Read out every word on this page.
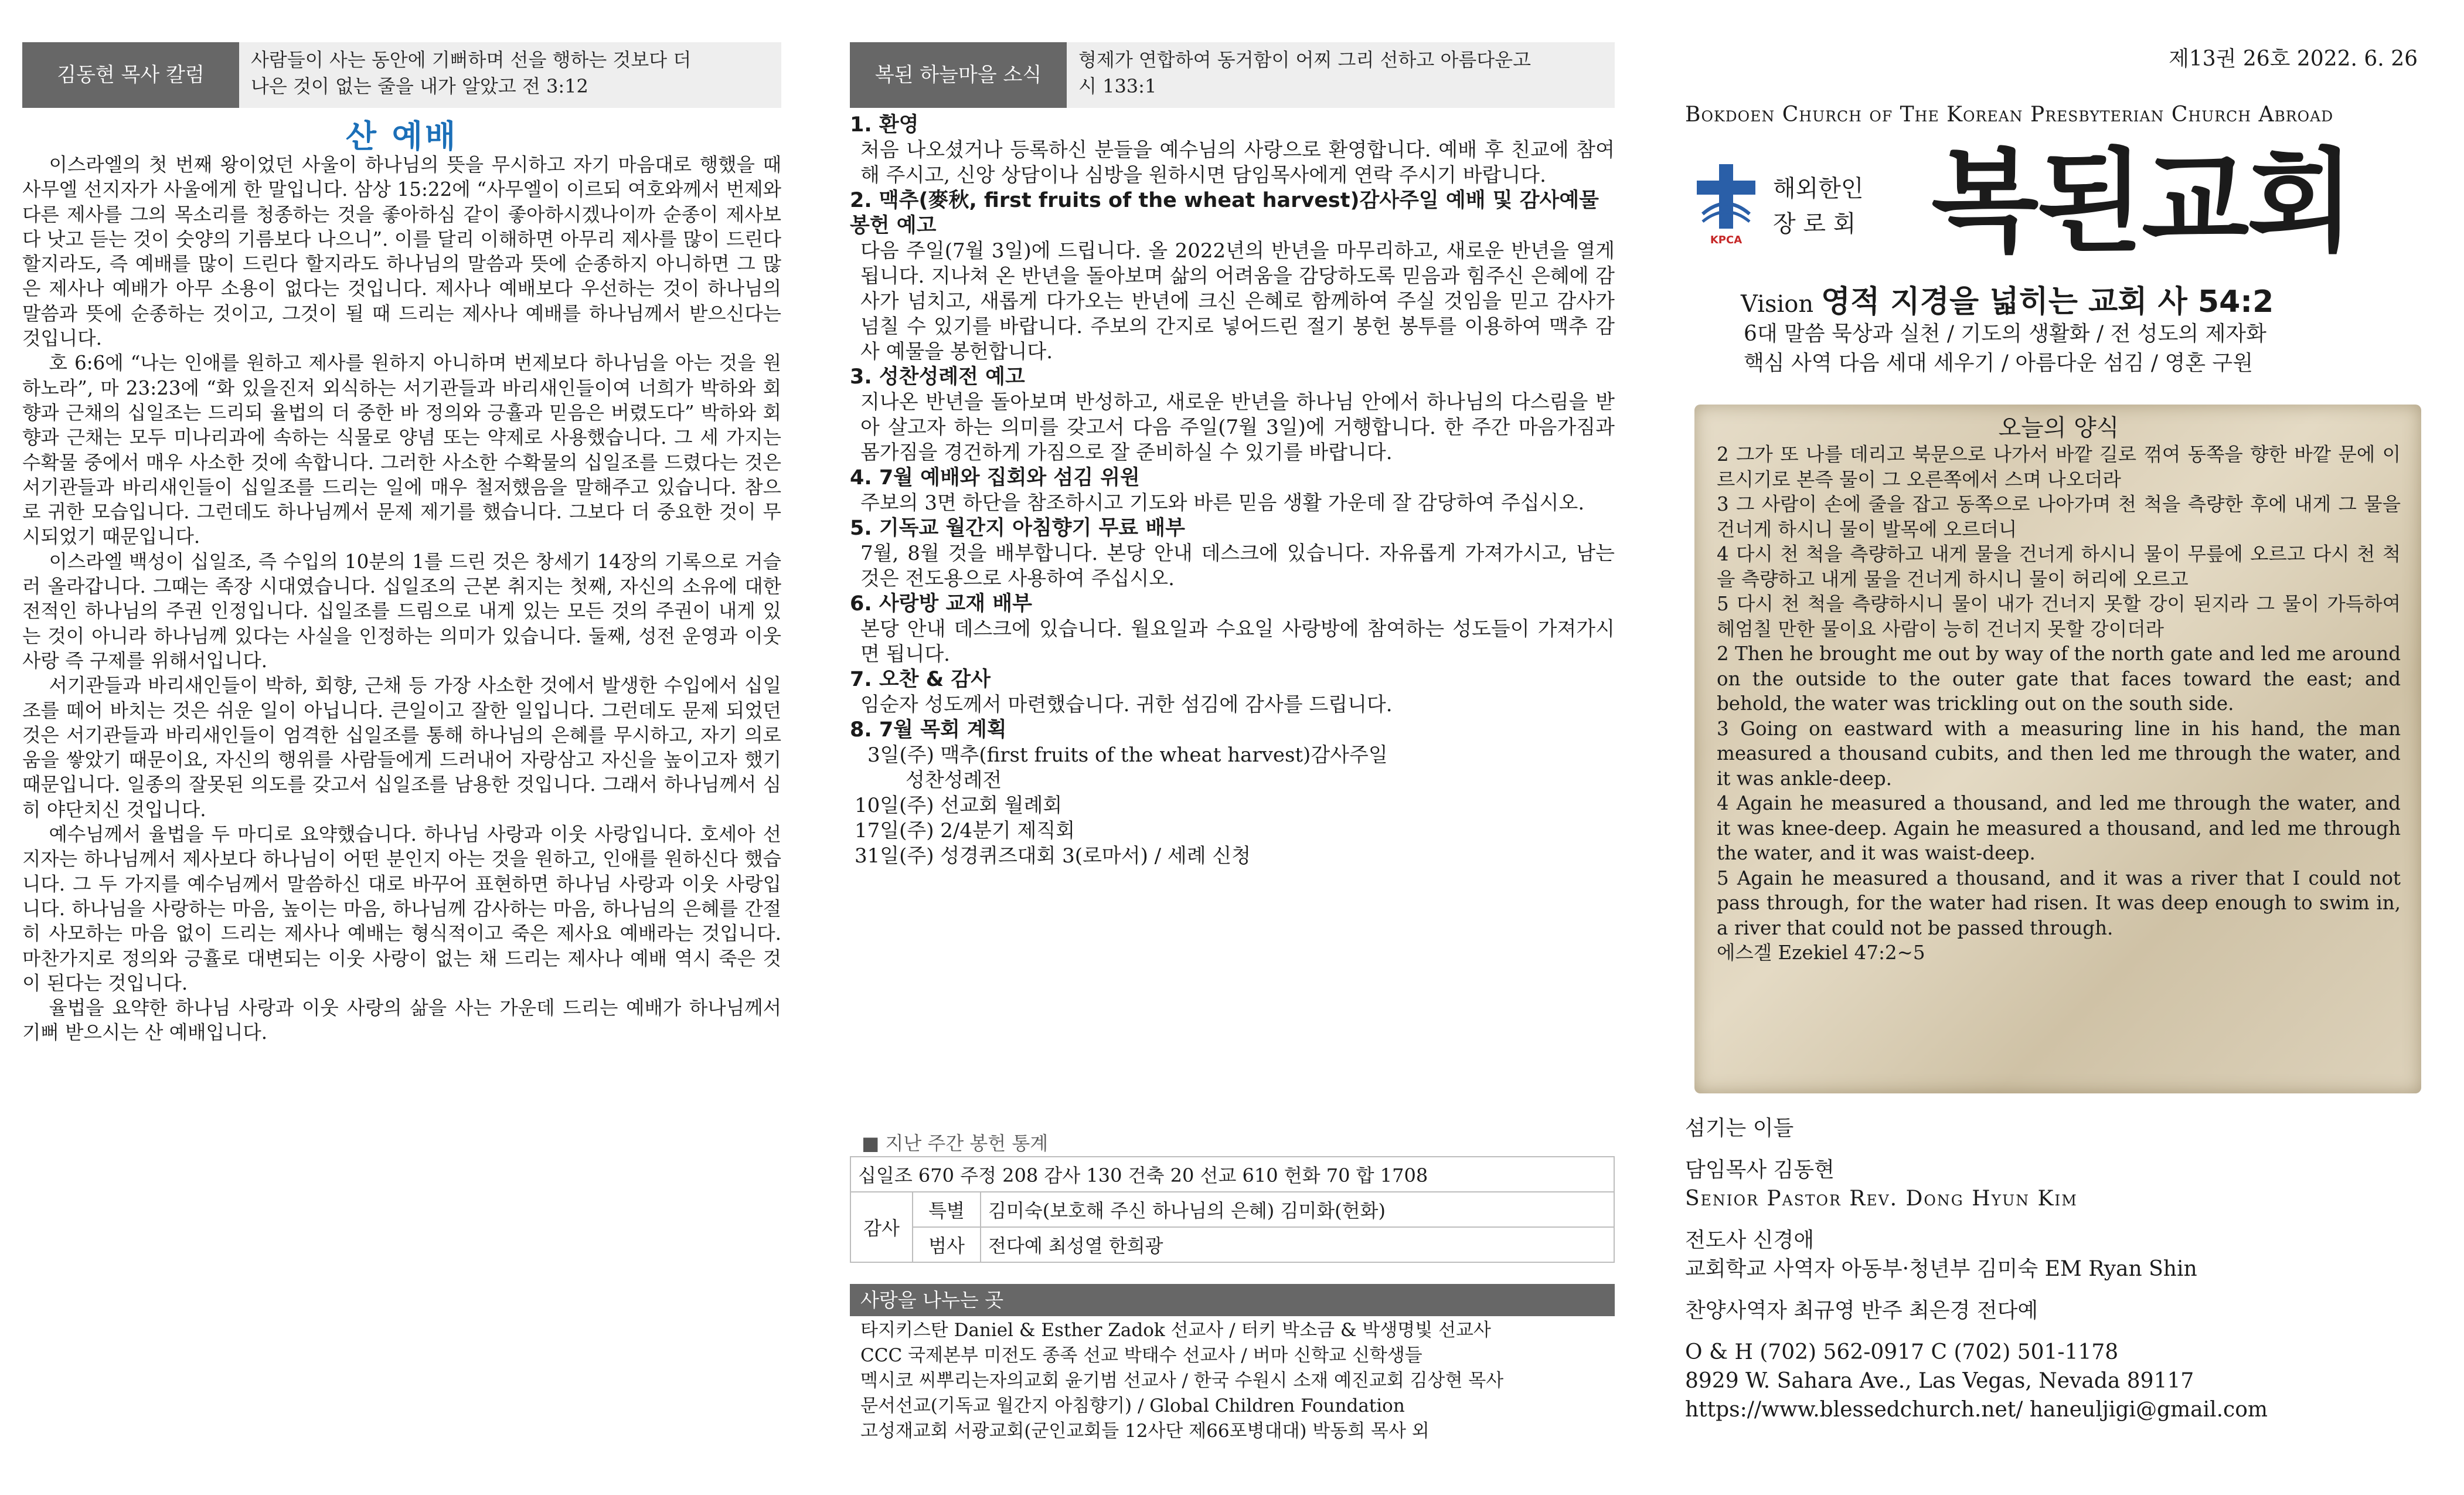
김동현 목사 칼럼
사람들이 사는 동안에 기뻐하며 선을 행하는 것보다 더
나은 것이 없는 줄을 내가 알았고 전 3:12
산 예배

이스라엘의 첫 번째 왕이었던 사울이 하나님의 뜻을 무시하고 자기 마음대로 행했을 때 사무엘 선지자가 사울에게 한 말입니다. 삼상 15:22에 “사무엘이 이르되 여호와께서 번제와 다른 제사를 그의 목소리를 청종하는 것을 좋아하심 같이 좋아하시겠나이까 순종이 제사보다 낫고 듣는 것이 숫양의 기름보다 나으니”. 이를 달리 이해하면 아무리 제사를 많이 드린다 할지라도, 즉 예배를 많이 드린다 할지라도 하나님의 말씀과 뜻에 순종하지 아니하면 그 많은 제사나 예배가 아무 소용이 없다는 것입니다. 제사나 예배보다 우선하는 것이 하나님의 말씀과 뜻에 순종하는 것이고, 그것이 될 때 드리는 제사나 예배를 하나님께서 받으신다는 것입니다.

호 6:6에 “나는 인애를 원하고 제사를 원하지 아니하며 번제보다 하나님을 아는 것을 원하노라”, 마 23:23에 “화 있을진저 외식하는 서기관들과 바리새인들이여 너희가 박하와 회향과 근채의 십일조는 드리되 율법의 더 중한 바 정의와 긍휼과 믿음은 버렸도다” 박하와 회향과 근채는 모두 미나리과에 속하는 식물로 양념 또는 약제로 사용했습니다. 그 세 가지는 수확물 중에서 매우 사소한 것에 속합니다. 그러한 사소한 수확물의 십일조를 드렸다는 것은 서기관들과 바리새인들이 십일조를 드리는 일에 매우 철저했음을 말해주고 있습니다. 참으로 귀한 모습입니다. 그런데도 하나님께서 문제 제기를 했습니다. 그보다 더 중요한 것이 무시되었기 때문입니다.

이스라엘 백성이 십일조, 즉 수입의 10분의 1를 드린 것은 창세기 14장의 기록으로 거슬러 올라갑니다. 그때는 족장 시대였습니다. 십일조의 근본 취지는 첫째, 자신의 소유에 대한 전적인 하나님의 주권 인정입니다. 십일조를 드림으로 내게 있는 모든 것의 주권이 내게 있는 것이 아니라 하나님께 있다는 사실을 인정하는 의미가 있습니다. 둘째, 성전 운영과 이웃 사랑 즉 구제를 위해서입니다.

서기관들과 바리새인들이 박하, 회향, 근채 등 가장 사소한 것에서 발생한 수입에서 십일조를 떼어 바치는 것은 쉬운 일이 아닙니다. 큰일이고 잘한 일입니다. 그런데도 문제 되었던 것은 서기관들과 바리새인들이 엄격한 십일조를 통해 하나님의 은혜를 무시하고, 자기 의로움을 쌓았기 때문이요, 자신의 행위를 사람들에게 드러내어 자랑삼고 자신을 높이고자 했기 때문입니다. 일종의 잘못된 의도를 갖고서 십일조를 남용한 것입니다. 그래서 하나님께서 심히 야단치신 것입니다.

예수님께서 율법을 두 마디로 요약했습니다. 하나님 사랑과 이웃 사랑입니다. 호세아 선지자는 하나님께서 제사보다 하나님이 어떤 분인지 아는 것을 원하고, 인애를 원하신다 했습니다. 그 두 가지를 예수님께서 말씀하신 대로 바꾸어 표현하면 하나님 사랑과 이웃 사랑입니다. 하나님을 사랑하는 마음, 높이는 마음, 하나님께 감사하는 마음, 하나님의 은혜를 간절히 사모하는 마음 없이 드리는 제사나 예배는 형식적이고 죽은 제사요 예배라는 것입니다. 마찬가지로 정의와 긍휼로 대변되는 이웃 사랑이 없는 채 드리는 제사나 예배 역시 죽은 것이 된다는 것입니다.

율법을 요약한 하나님 사랑과 이웃 사랑의 삶을 사는 가운데 드리는 예배가 하나님께서 기뻐 받으시는 산 예배입니다.

복된 하늘마을 소식
형제가 연합하여 동거함이 어찌 그리 선하고 아름다운고
시 133:1
1. 환영
처음 나오셨거나 등록하신 분들을 예수님의 사랑으로 환영합니다. 예배 후 친교에 참여해 주시고, 신앙 상담이나 심방을 원하시면 담임목사에게 연락 주시기 바랍니다.
2. 맥추(麥秋, first fruits of the wheat harvest)감사주일 예배 및 감사예물 봉헌 예고
다음 주일(7월 3일)에 드립니다. 올 2022년의 반년을 마무리하고, 새로운 반년을 열게 됩니다. 지나쳐 온 반년을 돌아보며 삶의 어려움을 감당하도록 믿음과 힘주신 은혜에 감사가 넘치고, 새롭게 다가오는 반년에 크신 은혜로 함께하여 주실 것임을 믿고 감사가 넘칠 수 있기를 바랍니다. 주보의 간지로 넣어드린 절기 봉헌 봉투를 이용하여 맥추 감사 예물을 봉헌합니다.
3. 성찬성례전 예고
지나온 반년을 돌아보며 반성하고, 새로운 반년을 하나님 안에서 하나님의 다스림을 받아 살고자 하는 의미를 갖고서 다음 주일(7월 3일)에 거행합니다. 한 주간 마음가짐과 몸가짐을 경건하게 가짐으로 잘 준비하실 수 있기를 바랍니다.
4. 7월 예배와 집회와 섬김 위원
주보의 3면 하단을 참조하시고 기도와 바른 믿음 생활 가운데 잘 감당하여 주십시오.
5. 기독교 월간지 아침향기 무료 배부
7월, 8월 것을 배부합니다. 본당 안내 데스크에 있습니다. 자유롭게 가져가시고, 남는 것은 전도용으로 사용하여 주십시오.
6. 사랑방 교재 배부
본당 안내 데스크에 있습니다. 월요일과 수요일 사랑방에 참여하는 성도들이 가져가시면 됩니다.
7. 오찬 & 감사
임순자 성도께서 마련했습니다. 귀한 섬김에 감사를 드립니다.
8. 7월 목회 계획
3일(주) 맥추(first fruits of the wheat harvest)감사주일
성찬성례전
10일(주) 선교회 월례회
17일(주) 2/4분기 제직회
31일(주) 성경퀴즈대회 3(로마서) / 세례 신청
■ 지난 주간 봉헌 통계
십일조 670 주정 208 감사 130 건축 20 선교 610 헌화 70 합 1708		
감사	특별	김미숙(보호해 주신 하나님의 은혜) 김미화(헌화)
	범사	전다예 최성열 한희광
사랑을 나누는 곳
타지키스탄 Daniel & Esther Zadok 선교사 / 터키 박소금 & 박생명빛 선교사
CCC 국제본부 미전도 종족 선교 박태수 선교사 / 버마 신학교 신학생들
멕시코 씨뿌리는자의교회 윤기범 선교사 / 한국 수원시 소재 예진교회 김상현 목사
문서선교(기독교 월간지 아침향기) / Global Children Foundation
고성재교회 서광교회(군인교회들 12사단 제66포병대대) 박동희 목사 외
제13권 26호 2022. 6. 26
Bokdoen Church of The Korean Presbyterian Church Abroad
KPCA
해외한인
장 로 회 복된교회
Vision 영적 지경을 넓히는 교회 사 54:2
6대 말씀 묵상과 실천 / 기도의 생활화 / 전 성도의 제자화
핵심 사역 다음 세대 세우기 / 아름다운 섬김 / 영혼 구원
오늘의 양식
2 그가 또 나를 데리고 북문으로 나가서 바깥 길로 꺾여 동쪽을 향한 바깥 문에 이르시기로 본즉 물이 그 오른쪽에서 스며 나오더라
3 그 사람이 손에 줄을 잡고 동쪽으로 나아가며 천 척을 측량한 후에 내게 그 물을 건너게 하시니 물이 발목에 오르더니
4 다시 천 척을 측량하고 내게 물을 건너게 하시니 물이 무릎에 오르고 다시 천 척을 측량하고 내게 물을 건너게 하시니 물이 허리에 오르고
5 다시 천 척을 측량하시니 물이 내가 건너지 못할 강이 된지라 그 물이 가득하여 헤엄칠 만한 물이요 사람이 능히 건너지 못할 강이더라
2 Then he brought me out by way of the north gate and led me around on the outside to the outer gate that faces toward the east; and behold, the water was trickling out on the south side.
3 Going on eastward with a measuring line in his hand, the man measured a thousand cubits, and then led me through the water, and it was ankle-deep.
4 Again he measured a thousand, and led me through the water, and it was knee-deep. Again he measured a thousand, and led me through the water, and it was waist-deep.
5 Again he measured a thousand, and it was a river that I could not pass through, for the water had risen. It was deep enough to swim in, a river that could not be passed through.
에스겔 Ezekiel 47:2~5
섬기는 이들
담임목사 김동현
Senior Pastor Rev. Dong Hyun Kim
전도사 신경애
교회학교 사역자 아동부·청년부 김미숙 EM Ryan Shin
찬양사역자 최규영 반주 최은경 전다예
O & H (702) 562-0917 C (702) 501-1178
8929 W. Sahara Ave., Las Vegas, Nevada 89117
https://www.blessedchurch.net/ haneuljigi@gmail.com
